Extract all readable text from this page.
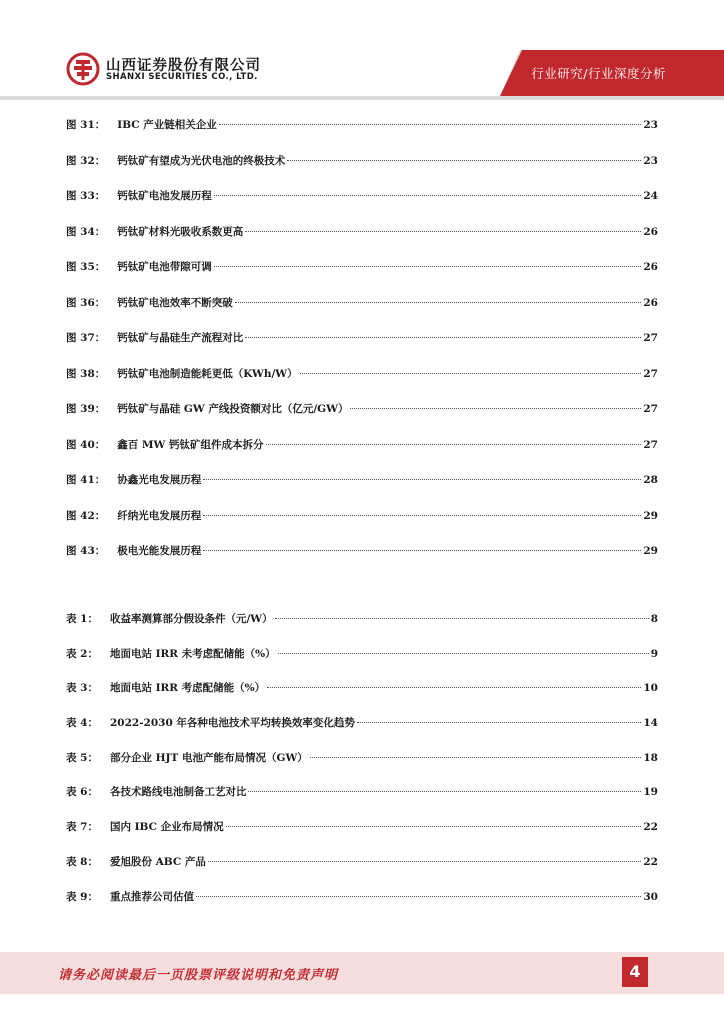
行业研究/行业深度分析
山西证券股份有限公司
SHANXI SECURITIES CO., LTD.
图 31： IBC 产业链相关企业	23
图 32： 钙钛矿有望成为光伏电池的终极技术	23
图 33： 钙钛矿电池发展历程	24
图 34： 钙钛矿材料光吸收系数更高	26
图 35： 钙钛矿电池带隙可调	26
图 36： 钙钛矿电池效率不断突破	26
图 37： 钙钛矿与晶硅生产流程对比	27
图 38： 钙钛矿电池制造能耗更低（KWh/W）	27
图 39： 钙钛矿与晶硅 GW 产线投资额对比（亿元/GW）	27
图 40： 鑫百 MW 钙钛矿组件成本拆分	27
图 41： 协鑫光电发展历程	28
图 42： 纤纳光电发展历程	29
图 43： 极电光能发展历程	29
表 1： 收益率测算部分假设条件（元/W）	8
表 2： 地面电站 IRR 未考虑配储能（%）	9
表 3： 地面电站 IRR 考虑配储能（%）	10
表 4： 2022-2030 年各种电池技术平均转换效率变化趋势	14
表 5： 部分企业 HJT 电池产能布局情况（GW）	18
表 6： 各技术路线电池制备工艺对比	19
表 7： 国内 IBC 企业布局情况	22
表 8： 爱旭股份 ABC 产品	22
表 9： 重点推荐公司估值	30
请务必阅读最后一页股票评级说明和免责声明	4
